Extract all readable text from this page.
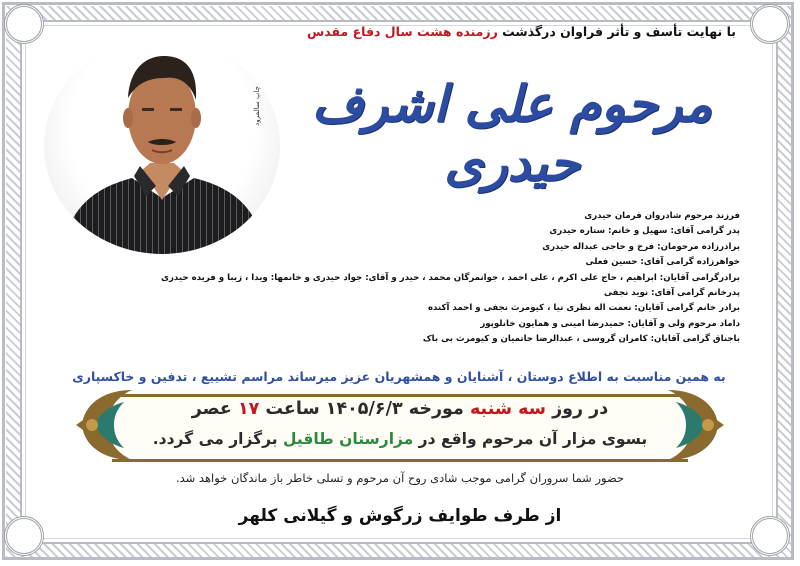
با نهایت تأسف و تأثر فراوان درگذشت رزمنده هشت سال دفاع مقدس
مرحوم علی اشرف حیدری
چاپ سالمرود
فرزند مرحوم شادروان فرمان حیدری
پدر گرامی آقای: سهیل و خانم: ستاره حیدری
برادرزاده مرحومان: فرخ و حاجی عبداله حیدری
خواهرزاده گرامی آقای: حسین فعلی
برادرگرامی آقایان: ابراهیم ، حاج علی اکرم ، علی احمد ، جوانمرگان محمد ، حیدر و آقای: جواد حیدری و خانمها: ویدا ، زیبا و فریده حیدری
پدرخانم گرامی آقای: نوید نجفی
برادر خانم گرامی آقایان: نعمت اله نظری نیا ، کیومرث نجفی و احمد آکنده
داماد مرحوم ولی و آقایان: حمیدرضا امینی و همایون خانلوپور
باجناق گرامی آقایان: کامران گروسی ، عبدالرضا حاتمیان و کیومرث بی باک
به همین مناسبت به اطلاع دوستان ، آشنایان و همشهریان عزیز میرساند مراسم تشییع ، تدفین و خاکسپاری
در روز سه شنبه مورخه ۱۴۰۵/۶/۳ ساعت ۱۷ عصر
بسوی مزار آن مرحوم واقع در مزارستان طاقیل برگزار می گردد.
حضور شما سروران گرامی موجب شادی روح آن مرحوم و تسلی خاطر باز ماندگان خواهد شد.
از طرف طوایف زرگوش و گیلانی کلهر
